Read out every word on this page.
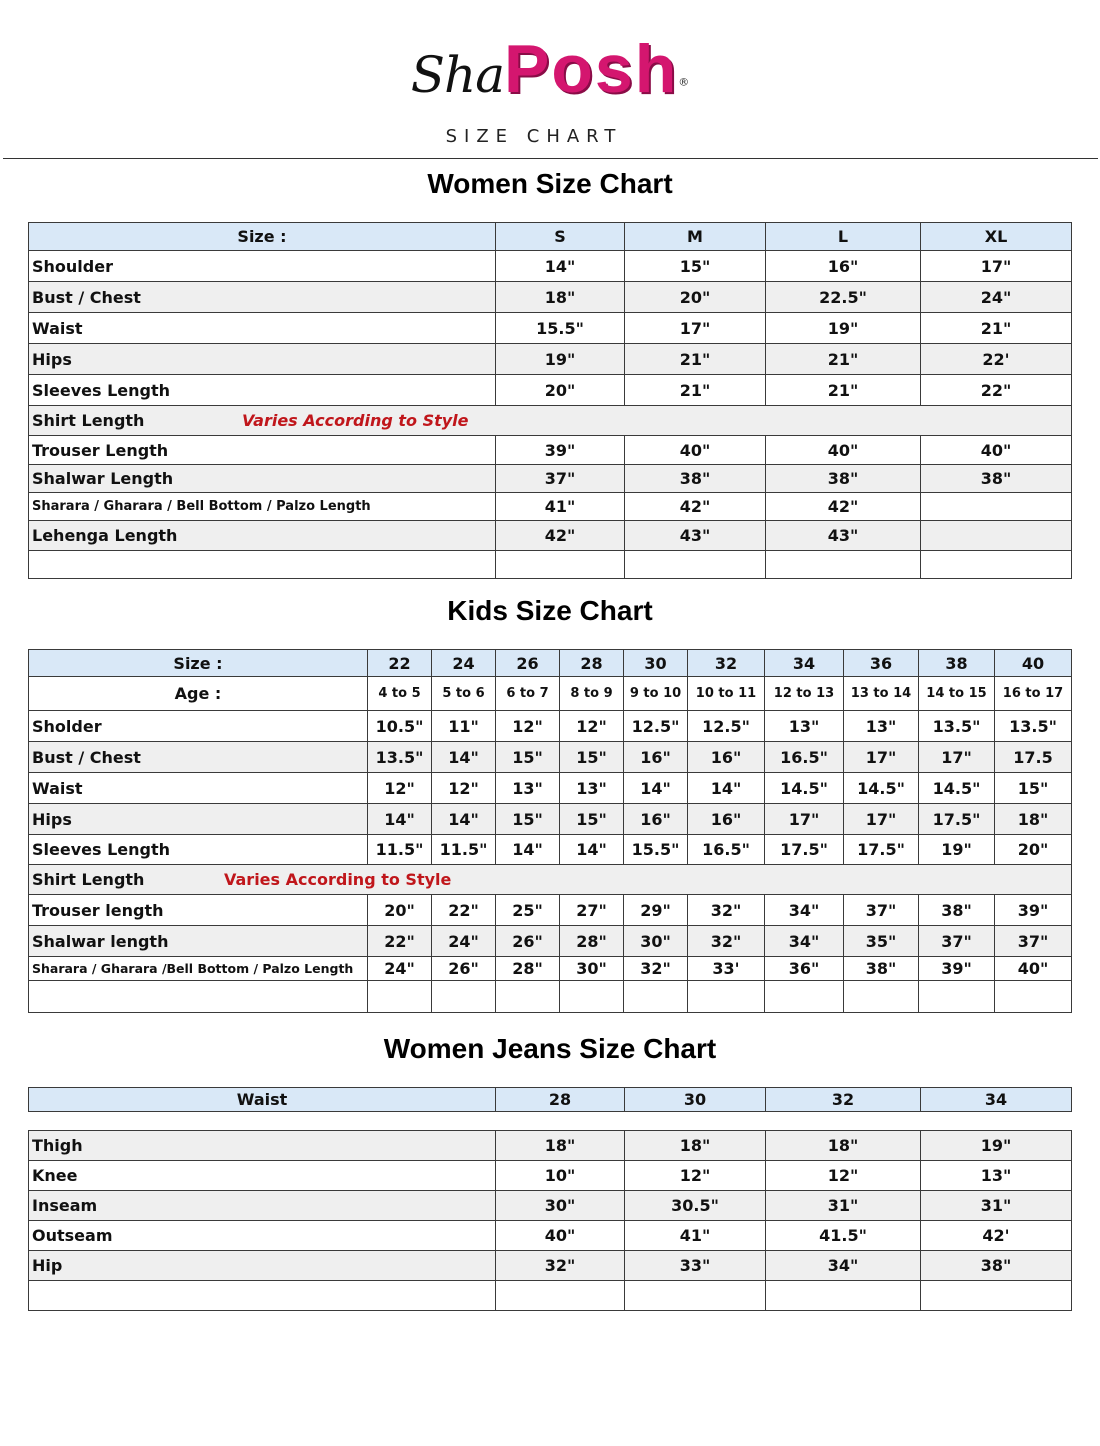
ShaPosh®
SIZE CHART
Women Size Chart
Size :	S	M	L	XL
Shoulder	14"	15"	16"	17"
Bust / Chest	18"	20"	22.5"	24"
Waist	15.5"	17"	19"	21"
Hips	19"	21"	21"	22'
Sleeves Length	20"	21"	21"	22"
Shirt Length Varies According to Style				
Trouser Length	39"	40"	40"	40"
Shalwar Length	37"	38"	38"	38"
Sharara / Gharara / Bell Bottom / Palzo Length	41"	42"	42"	
Lehenga Length	42"	43"	43"	

Kids Size Chart
Size :	22	24	26	28	30	32	34	36	38	40
Age :	4 to 5	5 to 6	6 to 7	8 to 9	9 to 10	10 to 11	12 to 13	13 to 14	14 to 15	16 to 17
Sholder	10.5"	11"	12"	12"	12.5"	12.5"	13"	13"	13.5"	13.5"
Bust / Chest	13.5"	14"	15"	15"	16"	16"	16.5"	17"	17"	17.5
Waist	12"	12"	13"	13"	14"	14"	14.5"	14.5"	14.5"	15"
Hips	14"	14"	15"	15"	16"	16"	17"	17"	17.5"	18"
Sleeves Length	11.5"	11.5"	14"	14"	15.5"	16.5"	17.5"	17.5"	19"	20"
Shirt Length Varies According to Style										
Trouser length	20"	22"	25"	27"	29"	32"	34"	37"	38"	39"
Shalwar length	22"	24"	26"	28"	30"	32"	34"	35"	37"	37"
Sharara / Gharara /Bell Bottom / Palzo Length	24"	26"	28"	30"	32"	33'	36"	38"	39"	40"

Women Jeans Size Chart
Waist	28	30	32	34
Thigh	18"	18"	18"	19"
Knee	10"	12"	12"	13"
Inseam	30"	30.5"	31"	31"
Outseam	40"	41"	41.5"	42'
Hip	32"	33"	34"	38"
